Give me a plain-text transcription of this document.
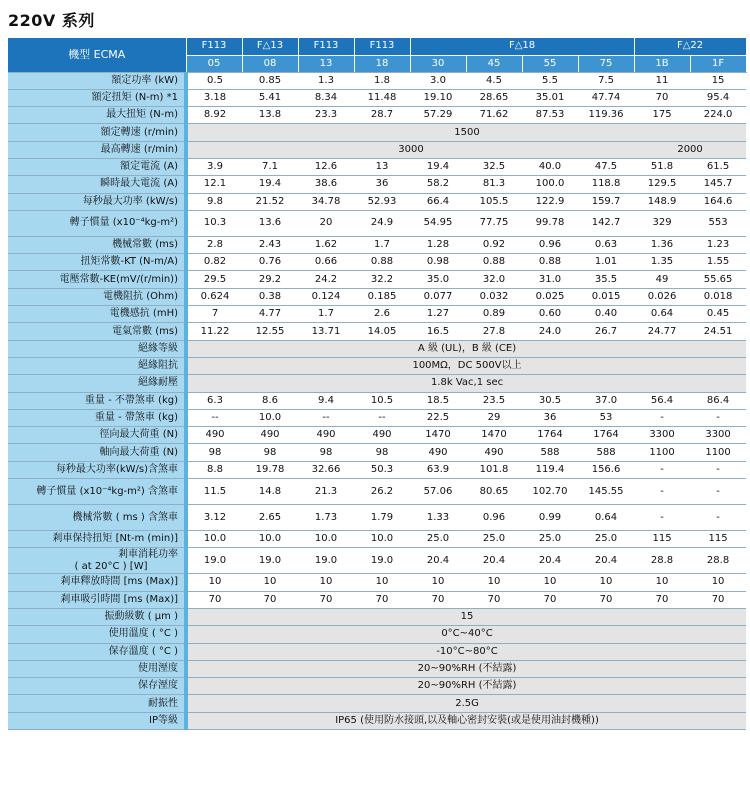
220V 系列
機型 ECMA	F113	F△13	F113	F113	F△18				F△22	
	05	08	13	18	30	45	55	75	1B	1F
額定功率 (kW)	0.5	0.85	1.3	1.8	3.0	4.5	5.5	7.5	11	15
額定扭矩 (N-m) *1	3.18	5.41	8.34	11.48	19.10	28.65	35.01	47.74	70	95.4
最大扭矩 (N-m)	8.92	13.8	23.3	28.7	57.29	71.62	87.53	119.36	175	224.0
額定轉速 (r/min)	1500									
最高轉速 (r/min)	3000								2000	
額定電流 (A)	3.9	7.1	12.6	13	19.4	32.5	40.0	47.5	51.8	61.5
瞬時最大電流 (A)	12.1	19.4	38.6	36	58.2	81.3	100.0	118.8	129.5	145.7
每秒最大功率 (kW/s)	9.8	21.52	34.78	52.93	66.4	105.5	122.9	159.7	148.9	164.6
轉子慣量 (x10⁻⁴kg-m²)	10.3	13.6	20	24.9	54.95	77.75	99.78	142.7	329	553
機械常數 (ms)	2.8	2.43	1.62	1.7	1.28	0.92	0.96	0.63	1.36	1.23
扭矩常數-KT (N-m/A)	0.82	0.76	0.66	0.88	0.98	0.88	0.88	1.01	1.35	1.55
電壓常數-KE(mV/(r/min))	29.5	29.2	24.2	32.2	35.0	32.0	31.0	35.5	49	55.65
電機阻抗 (Ohm)	0.624	0.38	0.124	0.185	0.077	0.032	0.025	0.015	0.026	0.018
電機感抗 (mH)	7	4.77	1.7	2.6	1.27	0.89	0.60	0.40	0.64	0.45
電氣常數 (ms)	11.22	12.55	13.71	14.05	16.5	27.8	24.0	26.7	24.77	24.51
絕緣等級	A 級 (UL)，B 級 (CE)									
絕緣阻抗	100MΩ，DC 500V以上									
絕緣耐壓	1.8k Vac,1 sec									
重量 - 不帶煞車 (kg)	6.3	8.6	9.4	10.5	18.5	23.5	30.5	37.0	56.4	86.4
重量 - 帶煞車 (kg)	--	10.0	--	--	22.5	29	36	53	-	-
徑向最大荷重 (N)	490	490	490	490	1470	1470	1764	1764	3300	3300
軸向最大荷重 (N)	98	98	98	98	490	490	588	588	1100	1100
每秒最大功率(kW/s)含煞車	8.8	19.78	32.66	50.3	63.9	101.8	119.4	156.6	-	-
轉子慣量 (x10⁻⁴kg-m²) 含煞車	11.5	14.8	21.3	26.2	57.06	80.65	102.70	145.55	-	-
機械常數 ( ms ) 含煞車	3.12	2.65	1.73	1.79	1.33	0.96	0.99	0.64	-	-
剎車保持扭矩 [Nt-m (min)]	10.0	10.0	10.0	10.0	25.0	25.0	25.0	25.0	115	115

剎車消耗功率
( at 20°C ) [W]	19.0	19.0	19.0	19.0	20.4	20.4	20.4	20.4	28.8	28.8
剎車釋放時間 [ms (Max)]	10	10	10	10	10	10	10	10	10	10
剎車吸引時間 [ms (Max)]	70	70	70	70	70	70	70	70	70	70
振動級數 ( μm )	15									
使用溫度 ( °C )	0°C~40°C									
保存溫度 ( °C )	-10°C~80°C									
使用溼度	20~90%RH (不結露)									
保存溼度	20~90%RH (不結露)									
耐振性	2.5G									
IP等級	IP65 (使用防水接頭,以及軸心密封安裝(或是使用油封機種))									
